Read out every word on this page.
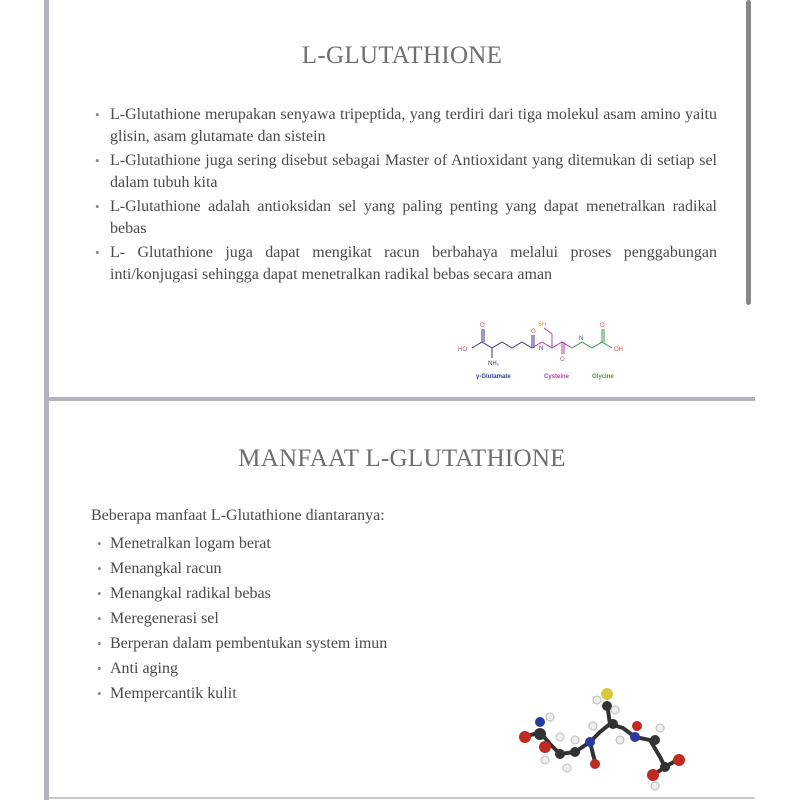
L-GLUTATHIONE
• L-Glutathione merupakan senyawa tripeptida, yang terdiri dari tiga molekul asam amino yaitu glisin, asam glutamate dan sistein
• L-Glutathione juga sering disebut sebagai Master of Antioxidant yang ditemukan di setiap sel dalam tubuh kita
• L-Glutathione adalah antioksidan sel yang paling penting yang dapat menetralkan radikal bebas
• L- Glutathione juga dapat mengikat racun berbahaya melalui proses penggabungan inti/konjugasi sehingga dapat menetralkan radikal bebas secara aman
HO
O
NH₂
O
N
SH
O
N
O
OH
γ-Glutamate	Cysteine	Glycine
MANFAAT L-GLUTATHIONE
Beberapa manfaat L-Glutathione diantaranya:
• Menetralkan logam berat
• Menangkal racun
• Menangkal radikal bebas
• Meregenerasi sel
• Berperan dalam pembentukan system imun
• Anti aging
• Mempercantik kulit
